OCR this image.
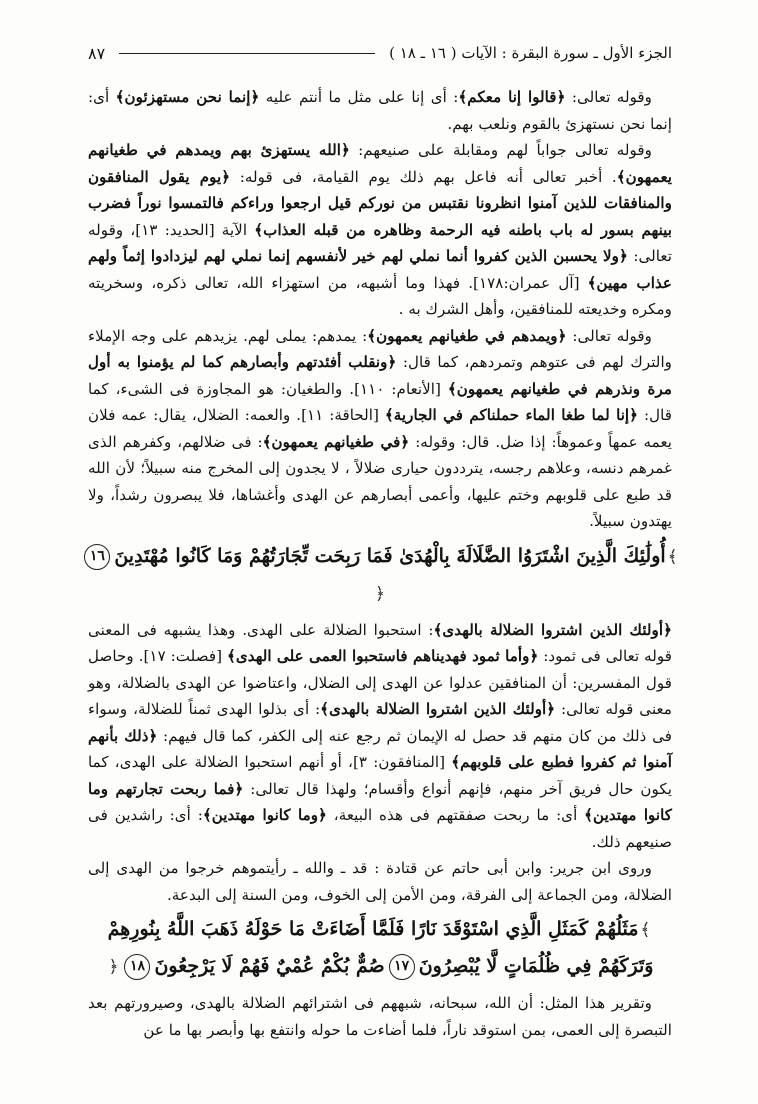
الجزء الأول ـ سورة البقرة : الآيات ( ١٦ ـ ١٨ )
٨٧

وقوله تعالى: ﴿قالوا إنا معكم﴾: أى إنا على مثل ما أنتم عليه ﴿إنما نحن مستهزئون﴾ أى: إنما نحن نستهزئ بالقوم ونلعب بهم.

وقوله تعالى جواباً لهم ومقابلة على صنيعهم: ﴿الله يستهزئ بهم ويمدهم في طغيانهم يعمهون﴾. أخبر تعالى أنه فاعل بهم ذلك يوم القيامة، فى قوله: ﴿يوم يقول المنافقون والمنافقات للذين آمنوا انظرونا نقتبس من نوركم قيل ارجعوا وراءكم فالتمسوا نوراً فضرب بينهم بسور له باب باطنه فيه الرحمة وظاهره من قبله العذاب﴾ الآية [الحديد: ١٣]، وقوله تعالى: ﴿ولا يحسبن الذين كفروا أنما نملي لهم خير لأنفسهم إنما نملي لهم ليزدادوا إثماً ولهم عذاب مهين﴾ [آل عمران:١٧٨]. فهذا وما أشبهه، من استهزاء الله، تعالى ذكره، وسخريته ومكره وخديعته للمنافقين، وأهل الشرك به .

وقوله تعالى: ﴿ويمدهم في طغيانهم يعمهون﴾: يمدهم: يملى لهم. يزيدهم على وجه الإملاء والترك لهم فى عتوهم وتمردهم، كما قال: ﴿ونقلب أفئدتهم وأبصارهم كما لم يؤمنوا به أول مرة ونذرهم في طغيانهم يعمهون﴾ [الأنعام: ١١٠]. والطغيان: هو المجاوزة فى الشىء، كما قال: ﴿إنا لما طغا الماء حملناكم في الجارية﴾ [الحاقة: ١١]. والعمه: الضلال، يقال: عمه فلان يعمه عمهاً وعموهاً: إذا ضل. قال: وقوله: ﴿في طغيانهم يعمهون﴾: فى ضلالهم، وكفرهم الذى غمرهم دنسه، وعلاهم رجسه، يترددون حيارى ضلالاً ، لا يجدون إلى المخرج منه سبيلاً؛ لأن الله قد طبع على قلوبهم وختم عليها، وأعمى أبصارهم عن الهدى وأغشاها، فلا يبصرون رشداً، ولا يهتدون سبيلاً.

﴾أُولَٰئِكَ الَّذِينَ اشْتَرَوُا الضَّلَالَةَ بِالْهُدَىٰ فَمَا رَبِحَت تِّجَارَتُهُمْ وَمَا كَانُوا مُهْتَدِينَ١٦﴿

﴿أولئك الذين اشتروا الضلالة بالهدى﴾: استحبوا الضلالة على الهدى. وهذا يشبهه فى المعنى قوله تعالى فى ثمود: ﴿وأما ثمود فهديناهم فاستحبوا العمى على الهدى﴾ [فصلت: ١٧]. وحاصل قول المفسرين: أن المنافقين عدلوا عن الهدى إلى الضلال، واعتاضوا عن الهدى بالضلالة، وهو معنى قوله تعالى: ﴿أولئك الذين اشتروا الضلالة بالهدى﴾: أى بذلوا الهدى ثمناً للضلالة، وسواء فى ذلك من كان منهم قد حصل له الإيمان ثم رجع عنه إلى الكفر، كما قال فيهم: ﴿ذلك بأنهم آمنوا ثم كفروا فطبع على قلوبهم﴾ [المنافقون: ٣]، أو أنهم استحبوا الضلالة على الهدى، كما يكون حال فريق آخر منهم، فإنهم أنواع وأقسام؛ ولهذا قال تعالى: ﴿فما ربحت تجارتهم وما كانوا مهتدين﴾ أى: ما ربحت صفقتهم فى هذه البيعة، ﴿وما كانوا مهتدين﴾: أى: راشدين فى صنيعهم ذلك.

وروى ابن جرير: وابن أبى حاتم عن قتادة : قد ـ والله ـ رأيتموهم خرجوا من الهدى إلى الضلالة، ومن الجماعة إلى الفرقة، ومن الأمن إلى الخوف، ومن السنة إلى البدعة.

﴾مَثَلُهُمْ كَمَثَلِ الَّذِي اسْتَوْقَدَ نَارًا فَلَمَّا أَضَاءَتْ مَا حَوْلَهُ ذَهَبَ اللَّهُ بِنُورِهِمْ وَتَرَكَهُمْ فِي ظُلُمَاتٍ لَّا يُبْصِرُونَ١٧صُمٌّ بُكْمٌ عُمْيٌ فَهُمْ لَا يَرْجِعُونَ١٨﴿

وتقرير هذا المثل: أن الله، سبحانه، شبههم فى اشترائهم الضلالة بالهدى، وصيرورتهم بعد التبصرة إلى العمى، بمن استوقد ناراً، فلما أضاءت ما حوله وانتفع بها وأبصر بها ما عن
